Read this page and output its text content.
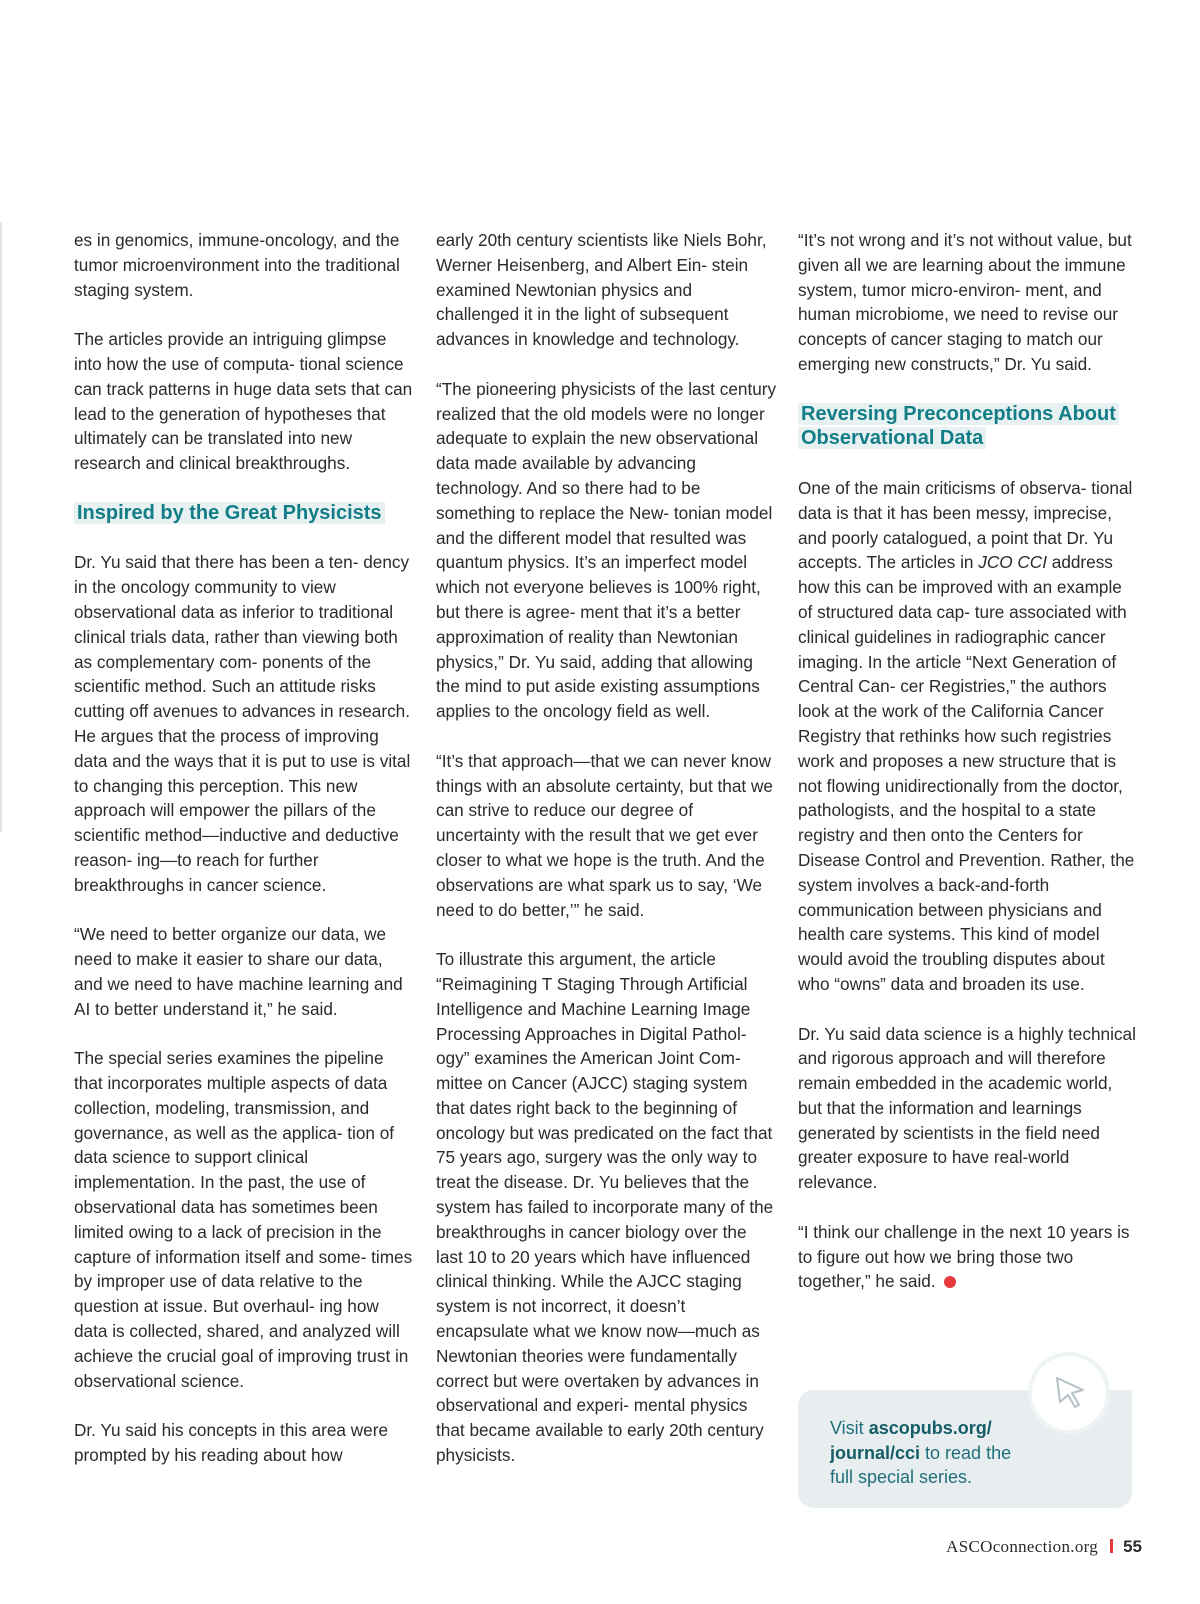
es in genomics, immune-oncology, and the tumor microenvironment into the traditional staging system.

The articles provide an intriguing glimpse into how the use of computa- tional science can track patterns in huge data sets that can lead to the generation of hypotheses that ultimately can be translated into new research and clinical breakthroughs.

Inspired by the Great Physicists

Dr. Yu said that there has been a ten- dency in the oncology community to view observational data as inferior to traditional clinical trials data, rather than viewing both as complementary com- ponents of the scientific method. Such an attitude risks cutting off avenues to advances in research. He argues that the process of improving data and the ways that it is put to use is vital to changing this perception. This new approach will empower the pillars of the scientific method—inductive and deductive reason- ing—to reach for further breakthroughs in cancer science.

“We need to better organize our data, we need to make it easier to share our data, and we need to have machine learning and AI to better understand it,” he said.

The special series examines the pipeline that incorporates multiple aspects of data collection, modeling, transmission, and governance, as well as the applica- tion of data science to support clinical implementation. In the past, the use of observational data has sometimes been limited owing to a lack of precision in the capture of information itself and some- times by improper use of data relative to the question at issue. But overhaul- ing how data is collected, shared, and analyzed will achieve the crucial goal of improving trust in observational science.

Dr. Yu said his concepts in this area were prompted by his reading about how

early 20th century scientists like Niels Bohr, Werner Heisenberg, and Albert Ein- stein examined Newtonian physics and challenged it in the light of subsequent advances in knowledge and technology.

“The pioneering physicists of the last century realized that the old models were no longer adequate to explain the new observational data made available by advancing technology. And so there had to be something to replace the New- tonian model and the different model that resulted was quantum physics. It’s an imperfect model which not everyone believes is 100% right, but there is agree- ment that it’s a better approximation of reality than Newtonian physics,” Dr. Yu said, adding that allowing the mind to put aside existing assumptions applies to the oncology field as well.

“It’s that approach—that we can never know things with an absolute certainty, but that we can strive to reduce our degree of uncertainty with the result that we get ever closer to what we hope is the truth. And the observations are what spark us to say, ‘We need to do better,’” he said.

To illustrate this argument, the article “Reimagining T Staging Through Artificial Intelligence and Machine Learning Image Processing Approaches in Digital Pathol- ogy” examines the American Joint Com- mittee on Cancer (AJCC) staging system that dates right back to the beginning of oncology but was predicated on the fact that 75 years ago, surgery was the only way to treat the disease. Dr. Yu believes that the system has failed to incorporate many of the breakthroughs in cancer biology over the last 10 to 20 years which have influenced clinical thinking. While the AJCC staging system is not incorrect, it doesn’t encapsulate what we know now—much as Newtonian theories were fundamentally correct but were overtaken by advances in observational and experi- mental physics that became available to early 20th century physicists.

“It’s not wrong and it’s not without value, but given all we are learning about the immune system, tumor micro-environ- ment, and human microbiome, we need to revise our concepts of cancer staging to match our emerging new constructs,” Dr. Yu said.

Reversing Preconceptions About Observational Data

One of the main criticisms of observa- tional data is that it has been messy, imprecise, and poorly catalogued, a point that Dr. Yu accepts. The articles in JCO CCI address how this can be improved with an example of structured data cap- ture associated with clinical guidelines in radiographic cancer imaging. In the article “Next Generation of Central Can- cer Registries,” the authors look at the work of the California Cancer Registry that rethinks how such registries work and proposes a new structure that is not flowing unidirectionally from the doctor, pathologists, and the hospital to a state registry and then onto the Centers for Disease Control and Prevention. Rather, the system involves a back-and-forth communication between physicians and health care systems. This kind of model would avoid the troubling disputes about who “owns” data and broaden its use.

Dr. Yu said data science is a highly technical and rigorous approach and will therefore remain embedded in the academic world, but that the information and learnings generated by scientists in the field need greater exposure to have real-world relevance.

“I think our challenge in the next 10 years is to figure out how we bring those two together,” he said.

Visit ascopubs.org/ journal/cci to read the full special series.
ASCOconnection.org 55
